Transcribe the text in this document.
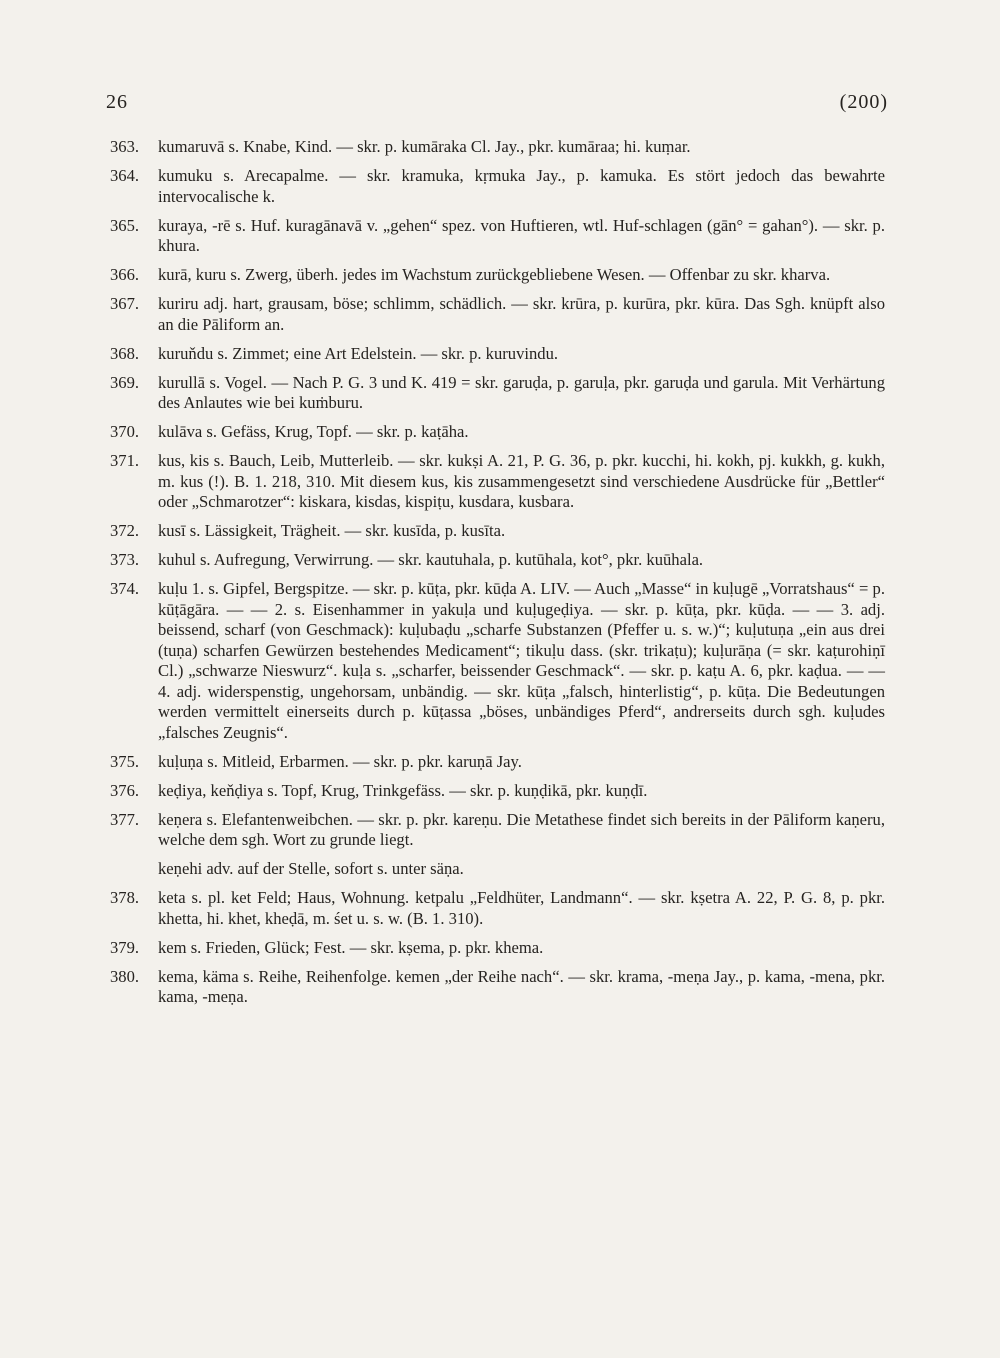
26	(200)
363.	kumaruvā s. Knabe, Kind. — skr. p. kumāraka Cl. Jay., pkr. kumāraa; hi. kuṃar.
364.	kumuku s. Arecapalme. — skr. kramuka, kṛmuka Jay., p. kamuka. Es stört jedoch das bewahrte intervocalische k.
365.	kuraya, -rē s. Huf. kuragānavā v. „gehen“ spez. von Huftieren, wtl. Huf-schlagen (gān° = gahan°). — skr. p. khura.
366.	kurā, kuru s. Zwerg, überh. jedes im Wachstum zurückgebliebene Wesen. — Offenbar zu skr. kharva.
367.	kuriru adj. hart, grausam, böse; schlimm, schädlich. — skr. krūra, p. kurūra, pkr. kūra. Das Sgh. knüpft also an die Pāliform an.
368.	kuruňdu s. Zimmet; eine Art Edelstein. — skr. p. kuruvindu.
369.	kurullā s. Vogel. — Nach P. G. 3 und K. 419 = skr. garuḍa, p. garuḷa, pkr. garuḍa und garula. Mit Verhärtung des Anlautes wie bei kuṁburu.
370.	kulāva s. Gefäss, Krug, Topf. — skr. p. kaṭāha.
371.	kus, kis s. Bauch, Leib, Mutterleib. — skr. kukṣi A. 21, P. G. 36, p. pkr. kucchi, hi. kokh, pj. kukkh, g. kukh, m. kus (!). B. 1. 218, 310. Mit diesem kus, kis zusammengesetzt sind verschiedene Ausdrücke für „Bettler“ oder „Schmarotzer“: kiskara, kisdas, kispiṭu, kusdara, kusbara.
372.	kusī s. Lässigkeit, Trägheit. — skr. kusīda, p. kusīta.
373.	kuhul s. Aufregung, Verwirrung. — skr. kautuhala, p. kutūhala, kot°, pkr. kuūhala.
374.	kuḷu 1. s. Gipfel, Bergspitze. — skr. p. kūṭa, pkr. kūḍa A. LIV. — Auch „Masse“ in kuḷugē „Vorratshaus“ = p. kūṭāgāra. — — 2. s. Eisenhammer in yakuḷa und kuḷugeḍiya. — skr. p. kūṭa, pkr. kūḍa. — — 3. adj. beissend, scharf (von Geschmack): kuḷubaḍu „scharfe Substanzen (Pfeffer u. s. w.)“; kuḷutuṇa „ein aus drei (tuṇa) scharfen Gewürzen bestehendes Medicament“; tikuḷu dass. (skr. trikaṭu); kuḷurāṇa (= skr. kaṭurohiṇī Cl.) „schwarze Nieswurz“. kuḷa s. „scharfer, beissender Geschmack“. — skr. p. kaṭu A. 6, pkr. kaḍua. — — 4. adj. widerspenstig, ungehorsam, unbändig. — skr. kūṭa „falsch, hinterlistig“, p. kūṭa. Die Bedeutungen werden vermittelt einerseits durch p. kūṭassa „böses, unbändiges Pferd“, andrerseits durch sgh. kuḷudes „falsches Zeugnis“.
375.	kuḷuṇa s. Mitleid, Erbarmen. — skr. p. pkr. karuṇā Jay.
376.	keḍiya, keňḍiya s. Topf, Krug, Trinkgefäss. — skr. p. kuṇḍikā, pkr. kuṇḍī.
377.	keṇera s. Elefantenweibchen. — skr. p. pkr. kareṇu. Die Metathese findet sich bereits in der Pāliform kaṇeru, welche dem sgh. Wort zu grunde liegt.
keṇehi adv. auf der Stelle, sofort s. unter säṇa.
378.	keta s. pl. ket Feld; Haus, Wohnung. ketpalu „Feldhüter, Landmann“. — skr. kṣetra A. 22, P. G. 8, p. pkr. khetta, hi. khet, kheḍā, m. śet u. s. w. (B. 1. 310).
379.	kem s. Frieden, Glück; Fest. — skr. kṣema, p. pkr. khema.
380.	kema, käma s. Reihe, Reihenfolge. kemen „der Reihe nach“. — skr. krama, -meṇa Jay., p. kama, -mena, pkr. kama, -meṇa.
